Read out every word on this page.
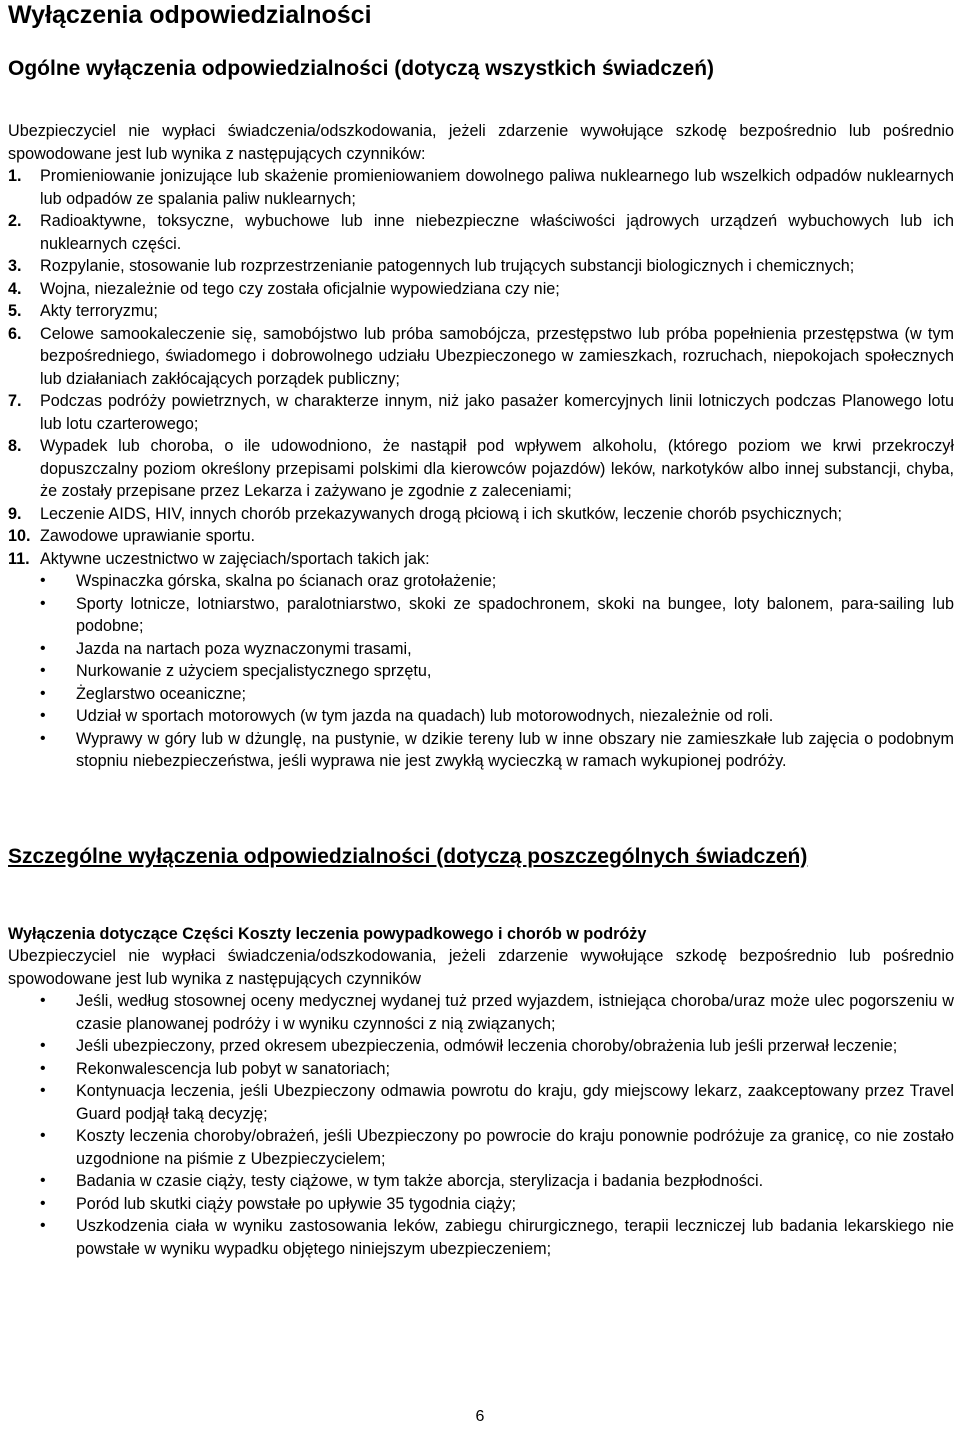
Wyłączenia odpowiedzialności
Ogólne wyłączenia odpowiedzialności (dotyczą wszystkich świadczeń)

Ubezpieczyciel nie wypłaci świadczenia/odszkodowania, jeżeli zdarzenie wywołujące szkodę bezpośrednio lub pośrednio spowodowane jest lub wynika z następujących czynników:

1. Promieniowanie jonizujące lub skażenie promieniowaniem dowolnego paliwa nuklearnego lub wszelkich odpadów nuklearnych lub odpadów ze spalania paliw nuklearnych;
2. Radioaktywne, toksyczne, wybuchowe lub inne niebezpieczne właściwości jądrowych urządzeń wybuchowych lub ich nuklearnych części.
3. Rozpylanie, stosowanie lub rozprzestrzenianie patogennych lub trujących substancji biologicznych i chemicznych;
4. Wojna, niezależnie od tego czy została oficjalnie wypowiedziana czy nie;
5. Akty terroryzmu;
6. Celowe samookaleczenie się, samobójstwo lub próba samobójcza, przestępstwo lub próba popełnienia przestępstwa (w tym bezpośredniego, świadomego i dobrowolnego udziału Ubezpieczonego w zamieszkach, rozruchach, niepokojach społecznych lub działaniach zakłócających porządek publiczny;
7. Podczas podróży powietrznych, w charakterze innym, niż jako pasażer komercyjnych linii lotniczych podczas Planowego lotu lub lotu czarterowego;
8. Wypadek lub choroba, o ile udowodniono, że nastąpił pod wpływem alkoholu, (którego poziom we krwi przekroczył dopuszczalny poziom określony przepisami polskimi dla kierowców pojazdów) leków, narkotyków albo innej substancji, chyba, że zostały przepisane przez Lekarza i zażywano je zgodnie z zaleceniami;
9. Leczenie AIDS, HIV, innych chorób przekazywanych drogą płciową i ich skutków, leczenie chorób psychicznych;
10. Zawodowe uprawianie sportu.
11. Aktywne uczestnictwo w zajęciach/sportach takich jak:
• Wspinaczka górska, skalna po ścianach oraz grotołażenie;
• Sporty lotnicze, lotniarstwo, paralotniarstwo, skoki ze spadochronem, skoki na bungee, loty balonem, para-sailing lub podobne;
• Jazda na nartach poza wyznaczonymi trasami,
• Nurkowanie z użyciem specjalistycznego sprzętu,
• Żeglarstwo oceaniczne;
• Udział w sportach motorowych (w tym jazda na quadach) lub motorowodnych, niezależnie od roli.
• Wyprawy w góry lub w dżunglę, na pustynie, w dzikie tereny lub w inne obszary nie zamieszkałe lub zajęcia o podobnym stopniu niebezpieczeństwa, jeśli wyprawa nie jest zwykłą wycieczką w ramach wykupionej podróży.
Szczególne wyłączenia odpowiedzialności (dotyczą poszczególnych świadczeń)
Wyłączenia dotyczące Części Koszty leczenia powypadkowego i chorób w podróży

Ubezpieczyciel nie wypłaci świadczenia/odszkodowania, jeżeli zdarzenie wywołujące szkodę bezpośrednio lub pośrednio spowodowane jest lub wynika z następujących czynników

• Jeśli, według stosownej oceny medycznej wydanej tuż przed wyjazdem, istniejąca choroba/uraz może ulec pogorszeniu w czasie planowanej podróży i w wyniku czynności z nią związanych;
• Jeśli ubezpieczony, przed okresem ubezpieczenia, odmówił leczenia choroby/obrażenia lub jeśli przerwał leczenie;
• Rekonwalescencja lub pobyt w sanatoriach;
• Kontynuacja leczenia, jeśli Ubezpieczony odmawia powrotu do kraju, gdy miejscowy lekarz, zaakceptowany przez Travel Guard podjął taką decyzję;
• Koszty leczenia choroby/obrażeń, jeśli Ubezpieczony po powrocie do kraju ponownie podróżuje za granicę, co nie zostało uzgodnione na piśmie z Ubezpieczycielem;
• Badania w czasie ciąży, testy ciążowe, w tym także aborcja, sterylizacja i badania bezpłodności.
• Poród lub skutki ciąży powstałe po upływie 35 tygodnia ciąży;
• Uszkodzenia ciała w wyniku zastosowania leków, zabiegu chirurgicznego, terapii leczniczej lub badania lekarskiego nie powstałe w wyniku wypadku objętego niniejszym ubezpieczeniem;
6
